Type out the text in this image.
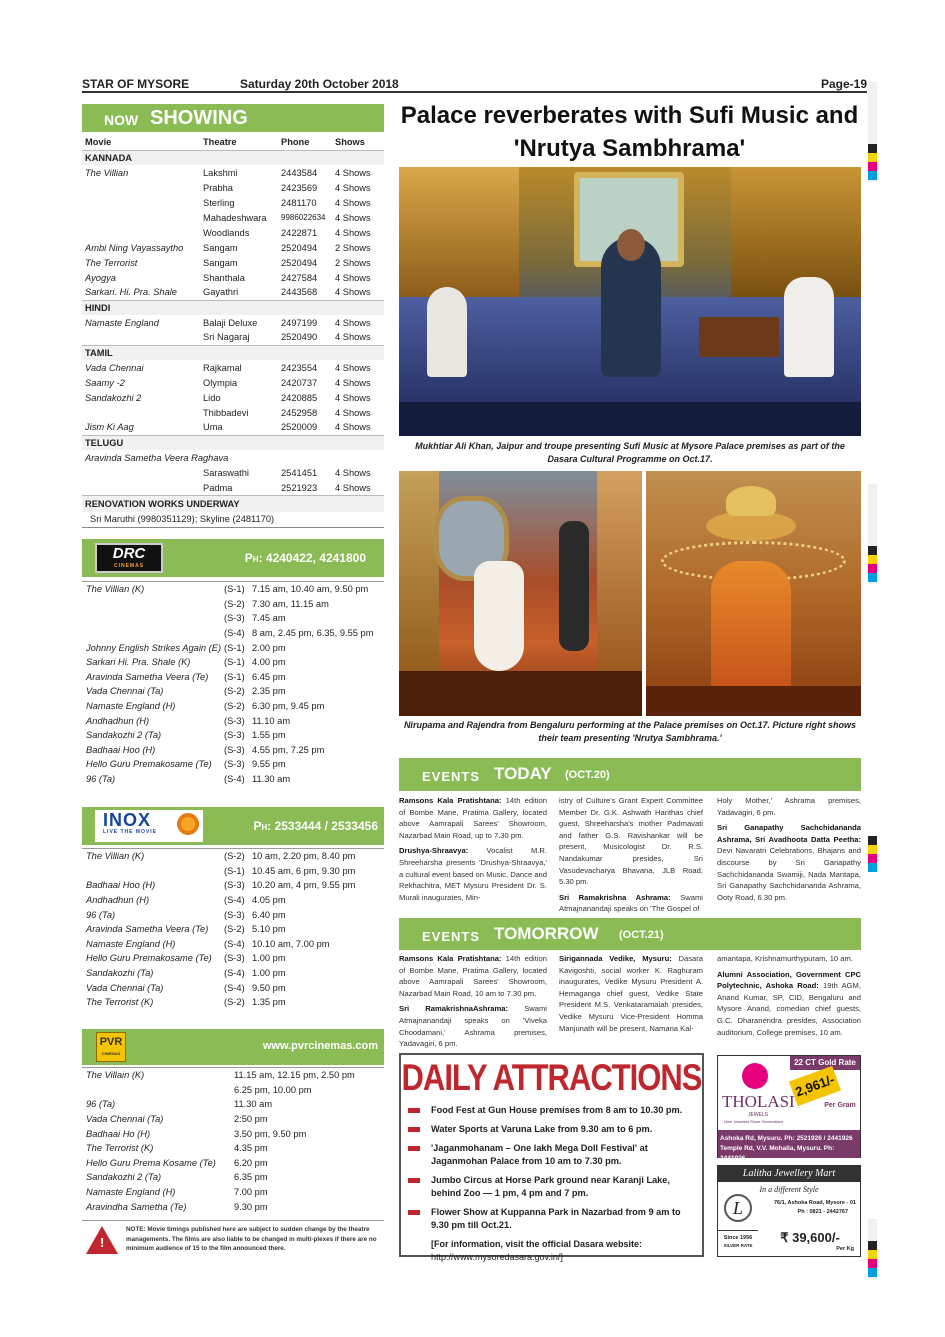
STAR OF MYSORE	Saturday 20th October 2018	Page-19
NOW SHOWING
Movie	Theatre	Phone	Shows
KANNADA			
The Villian	Lakshmi	2443584	4 Shows
	Prabha	2423569	4 Shows
	Sterling	2481170	4 Shows
	Mahadeshwara	9986022634	4 Shows
	Woodlands	2422871	4 Shows
Ambi Ning Vayassaytho	Sangam	2520494	2 Shows
The Terrorist	Sangam	2520494	2 Shows
Ayogya	Shanthala	2427584	4 Shows
Sarkari. Hi. Pra. Shale	Gayathri	2443568	4 Shows
HINDI			
Namaste England	Balaji Deluxe	2497199	4 Shows
	Sri Nagaraj	2520490	4 Shows
TAMIL			
Vada Chennai	Rajkamal	2423554	4 Shows
Saamy -2	Olympia	2420737	4 Shows
Sandakozhi 2	Lido	2420885	4 Shows
	Thibbadevi	2452958	4 Shows
Jism Ki Aag	Uma	2520009	4 Shows
TELUGU			
Aravinda Sametha Veera Raghava			
	Saraswathi	2541451	4 Shows
	Padma	2521923	4 Shows
RENOVATION WORKS UNDERWAY
Sri Maruthi (9980351129); Skyline (2481170)
DRC
CINEMAS
Ph: 4240422, 4241800
The Villian (K)	(S-1)	7.15 am, 10.40 am, 9.50 pm
	(S-2)	7.30 am, 11.15 am
	(S-3)	7.45 am
	(S-4)	8 am, 2.45 pm, 6.35, 9.55 pm
Johnny English Strikes Again (E)	(S-1)	2.00 pm
Sarkari Hi. Pra. Shale (K)	(S-1)	4.00 pm
Aravinda Sametha Veera (Te)	(S-1)	6.45 pm
Vada Chennai (Ta)	(S-2)	2.35 pm
Namaste England (H)	(S-2)	6.30 pm, 9.45 pm
Andhadhun (H)	(S-3)	11.10 am
Sandakozhi 2 (Ta)	(S-3)	1.55 pm
Badhaai Hoo (H)	(S-3)	4.55 pm, 7.25 pm
Hello Guru Premakosame (Te)	(S-3)	9.55 pm
96 (Ta)	(S-4)	11.30 am
INOX
LIVE THE MOVIE	Ph: 2533444 / 2533456
The Villian (K)	(S-2)	10 am, 2.20 pm, 8.40 pm
	(S-1)	10.45 am, 6 pm, 9.30 pm
Badhaai Hoo (H)	(S-3)	10.20 am, 4 pm, 9.55 pm
Andhadhun (H)	(S-4)	4.05 pm
96 (Ta)	(S-3)	6.40 pm
Aravinda Sametha Veera (Te)	(S-2)	5.10 pm
Namaste England (H)	(S-4)	10.10 am, 7.00 pm
Hello Guru Premakosame (Te)	(S-3)	1.00 pm
Sandakozhi (Ta)	(S-4)	1.00 pm
Vada Chennai (Ta)	(S-4)	9.50 pm
The Terrorist (K)	(S-2)	1.35 pm
PVR
CINEMAS
www.pvrcinemas.com
The Villain (K)	11.15 am, 12.15 pm, 2.50 pm
	6.25 pm, 10.00 pm
96 (Ta)	11.30 am
Vada Chennai (Ta)	2:50 pm
Badhaai Ho (H)	3.50 pm, 9.50 pm
The Terrorist (K)	4.35 pm
Hello Guru Prema Kosame (Te)	6.20 pm
Sandakozhi 2 (Ta)	6.35 pm
Namaste England (H)	7.00 pm
Aravindha Sametha (Te)	9.30 pm
!
NOTE: Movie timings published here are subject to sudden change by the theatre managements. The films are also liable to be changed in multi-plexes if there are no minimum audience of 15 to the film announced there.
Palace reverberates with Sufi Music and 'Nrutya Sambhrama'
Mukhtiar Ali Khan, Jaipur and troupe presenting Sufi Music at Mysore Palace premises as part of the Dasara Cultural Programme on Oct.17.
Nirupama and Rajendra from Bengaluru performing at the Palace premises on Oct.17. Picture right shows their team presenting 'Nrutya Sambhrama.'
EVENTS TODAY (OCT.20)

Ramsons Kala Pratishtana: 14th edition of Bombe Mane, Pratima Gallery, located above Aamrapali Sarees' Showroom, Nazarbad Main Road, up to 7.30 pm.

Drushya-Shraavya: Vocalist M.R. Shreeharsha presents 'Drushya-Shraavya,' a cultural event based on Music, Dance and Rekhachitra, MET Mysuru President Dr. S. Murali inaugurates, Min-

istry of Culture's Grant Expert Committee Member Dr. G.K. Ashwath Harithas chief guest, Shreeharsha's mother Padmavati and father G.S. Ravishankar will be present, Musicologist Dr. R.S. Nandakumar presides, Sri Vasudevacharya Bhavana, JLB Road, 5.30 pm.

Sri Ramakrishna Ashrama: Swami Atmajnanandaji speaks on 'The Gospel of

Holy Mother,' Ashrama premises, Yadavagiri, 6 pm.

Sri Ganapathy Sachchidananda Ashrama, Sri Avadhoota Datta Peetha: Devi Navaratri Celebrations, Bhajans and discourse by Sri Ganapathy Sachchidananda Swamiji, Nada Mantapa, Sri Ganapathy Sachchidananda Ashrama, Ooty Road, 6.30 pm.

EVENTS TOMORROW (OCT.21)

Ramsons Kala Pratishtana: 14th edition of Bombe Mane, Pratima Gallery, located above Aamrapali Sarees' Showroom, Nazarbad Main Road, 10 am to 7.30 pm.

Sri RamakrishnaAshrama: Swami Atmajnanandaji speaks on 'Viveka Choodamani,' Ashrama premises, Yadavagiri, 6 pm.

Sirigannada Vedike, Mysuru: Dasara Kavigoshti, social worker K. Raghuram inaugurates, Vedike Mysuru President A. Hemaganga chief guest, Vedike State President M.S. Venkataramaiah presides, Vedike Mysuru Vice-President Homma Manjunath will be present, Namana Kal-

amantapa, Krishnamurthypuram, 10 am.

Alumni Association, Government CPC Polytechnic, Ashoka Road: 19th AGM, Anand Kumar, SP, CID, Bengaluru and Mysore Anand, comedian chief guests, G.C. Dharanendra presides, Association auditorium, College premises, 10 am.

DAILY ATTRACTIONS
Food Fest at Gun House premises from 8 am to 10.30 pm.
Water Sports at Varuna Lake from 9.30 am to 6 pm.
'Jaganmohanam – One lakh Mega Doll Festival' at Jaganmohan Palace from 10 am to 7.30 pm.
Jumbo Circus at Horse Park ground near Karanji Lake, behind Zoo — 1 pm, 4 pm and 7 pm.
Flower Show at Kuppanna Park in Nazarbad from 9 am to 9.30 pm till Oct.21.
[For information, visit the official Dasara website:
http://www.mysoredasara.gov.in/]
22 CT Gold Rate
2,961/-
Per Gram
THOLASI
JEWELS
Nine Jewelers Since Generations
Ashoka Rd, Mysuru. Ph: 2521926 / 2441926
Temple Rd, V.V. Mohalla, Mysuru. Ph: 2441926
Lalitha Jewellery Mart
In a different Style
L	76/1, Ashoka Road, Mysore - 01
Ph : 0821 - 2442767
Since 1956
SILVER RATE
₹ 39,600/-
Per Kg
